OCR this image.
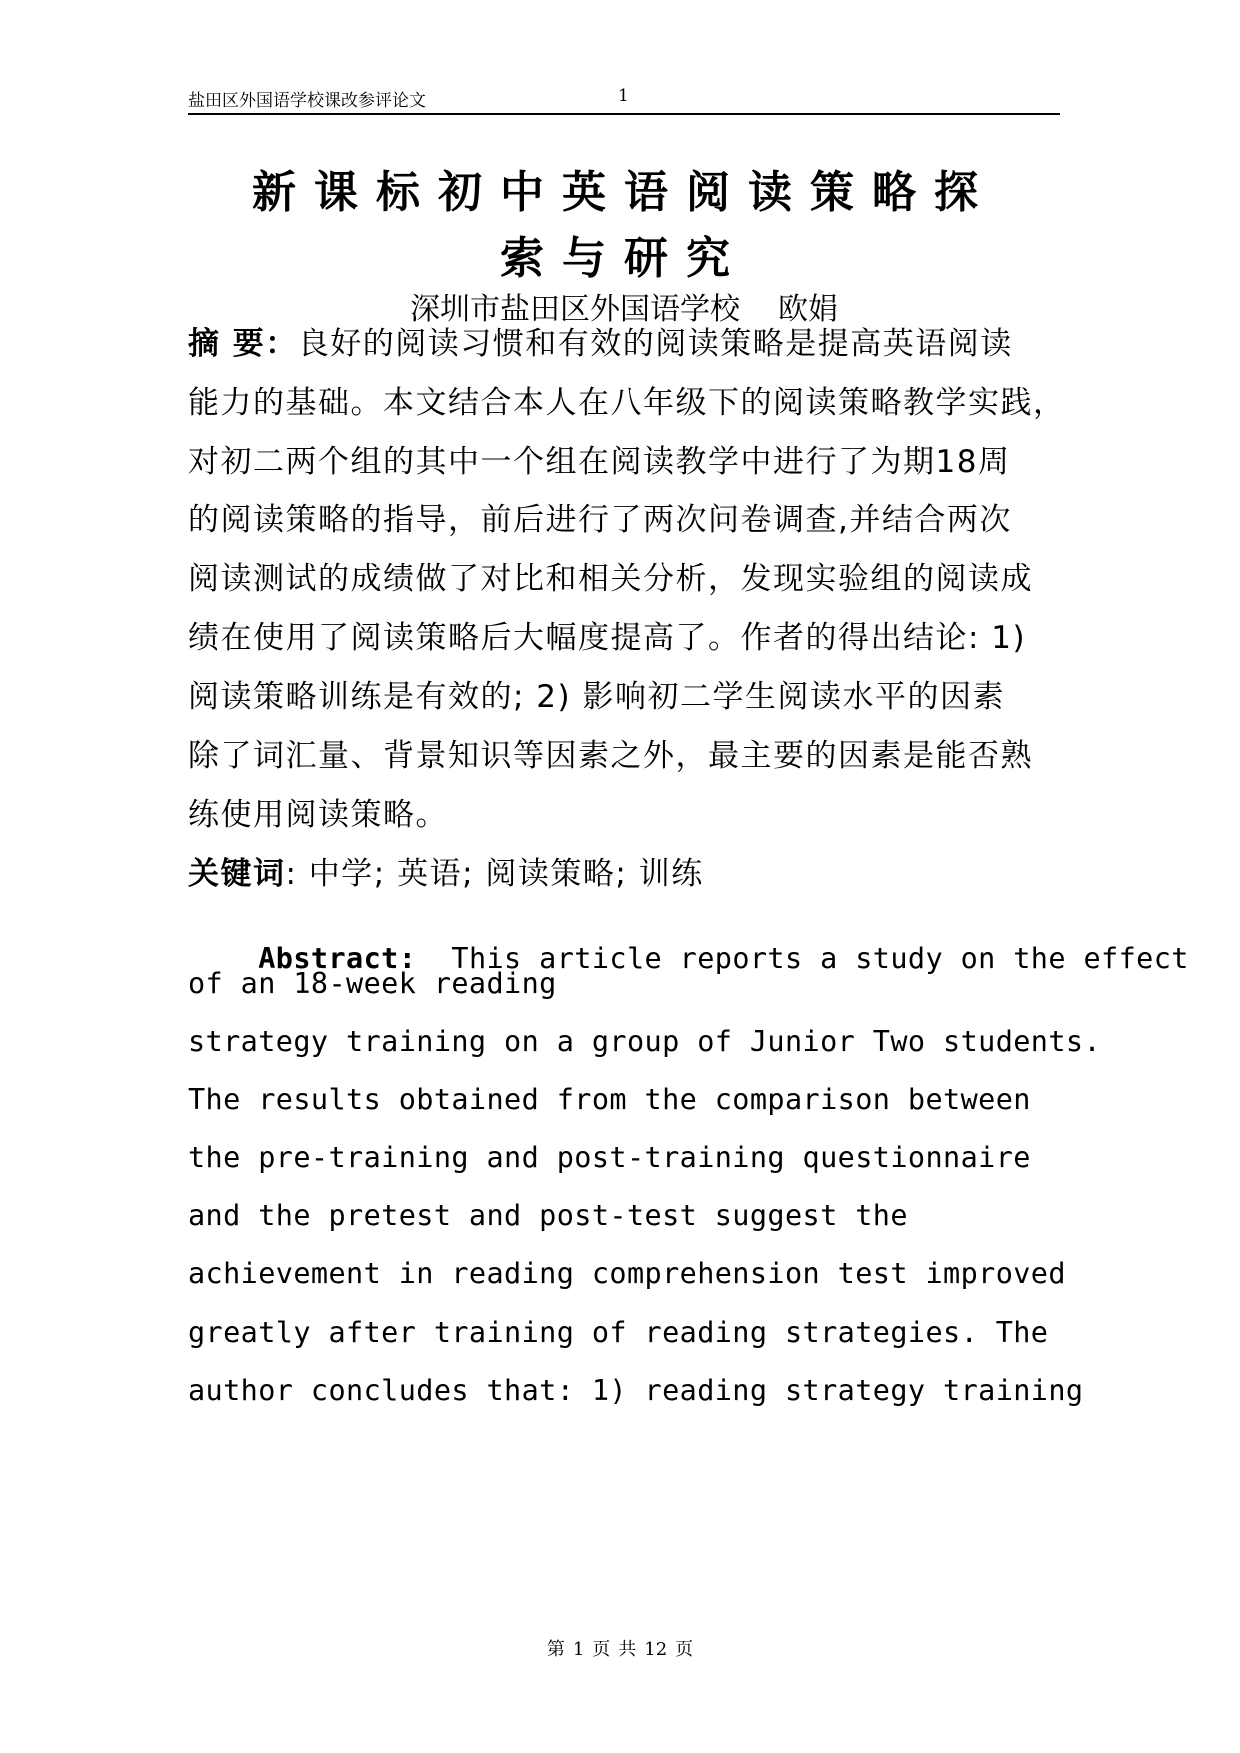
盐田区外国语学校课改参评论文	1
新课标初中英语阅读策略探
索与研究
深圳市盐田区外国语学校 欧娟
摘 要：良好的阅读习惯和有效的阅读策略是提高英语阅读
能力的基础。本文结合本人在八年级下的阅读策略教学实践，
对初二两个组的其中一个组在阅读教学中进行了为期18周
的阅读策略的指导，前后进行了两次问卷调查,并结合两次
阅读测试的成绩做了对比和相关分析，发现实验组的阅读成
绩在使用了阅读策略后大幅度提高了。作者的得出结论: 1)
阅读策略训练是有效的; 2) 影响初二学生阅读水平的因素
除了词汇量、背景知识等因素之外，最主要的因素是能否熟
练使用阅读策略。
关键词: 中学; 英语; 阅读策略; 训练

Abstract:  This article reports a study on the effect

of an 18-week reading
strategy training on a group of Junior Two students.
The results obtained from the comparison between
the pre-training and post-training questionnaire
and the pretest and post-test suggest the
achievement in reading comprehension test improved
greatly after training of reading strategies. The
author concludes that: 1) reading strategy training
第 1 页 共 12 页
